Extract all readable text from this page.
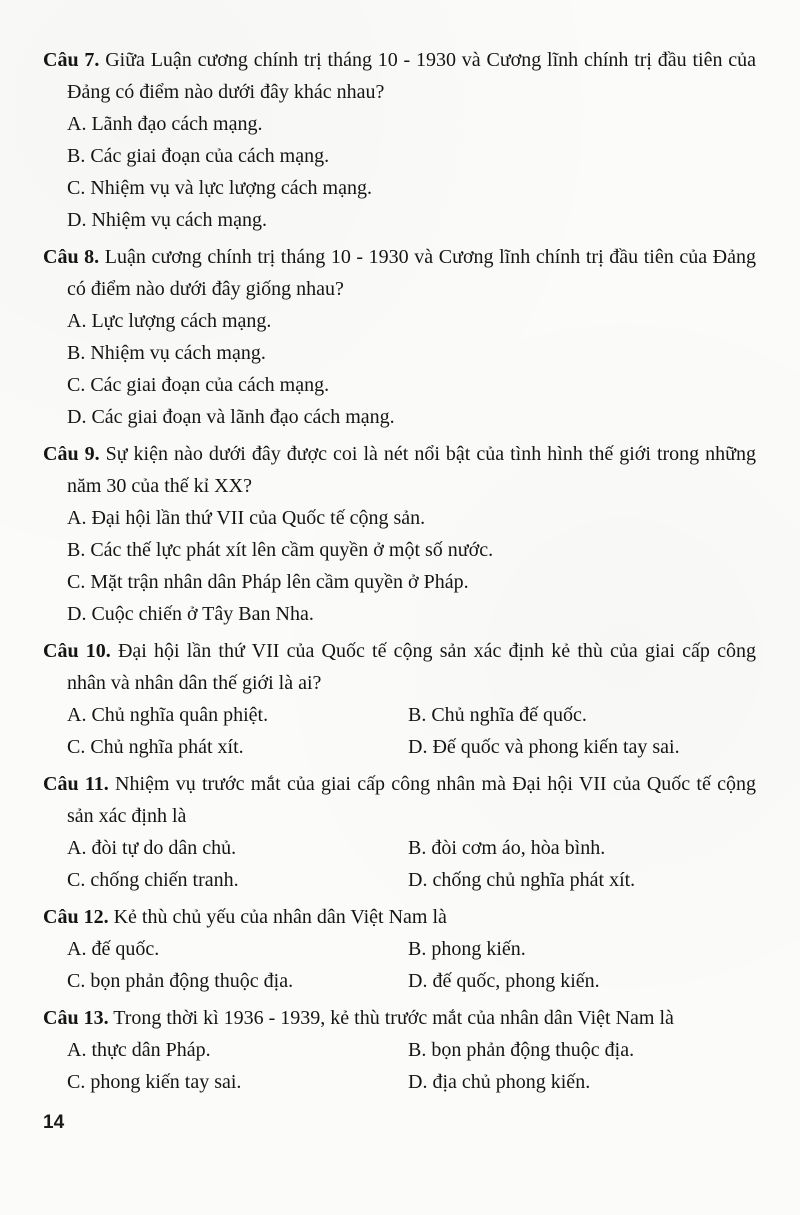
Câu 7. Giữa Luận cương chính trị tháng 10 - 1930 và Cương lĩnh chính trị đầu tiên của Đảng có điểm nào dưới đây khác nhau?

A. Lãnh đạo cách mạng.

B. Các giai đoạn của cách mạng.

C. Nhiệm vụ và lực lượng cách mạng.

D. Nhiệm vụ cách mạng.

Câu 8. Luận cương chính trị tháng 10 - 1930 và Cương lĩnh chính trị đầu tiên của Đảng có điểm nào dưới đây giống nhau?

A. Lực lượng cách mạng.

B. Nhiệm vụ cách mạng.

C. Các giai đoạn của cách mạng.

D. Các giai đoạn và lãnh đạo cách mạng.

Câu 9. Sự kiện nào dưới đây được coi là nét nổi bật của tình hình thế giới trong những năm 30 của thế kỉ XX?

A. Đại hội lần thứ VII của Quốc tế cộng sản.

B. Các thế lực phát xít lên cầm quyền ở một số nước.

C. Mặt trận nhân dân Pháp lên cầm quyền ở Pháp.

D. Cuộc chiến ở Tây Ban Nha.

Câu 10. Đại hội lần thứ VII của Quốc tế cộng sản xác định kẻ thù của giai cấp công nhân và nhân dân thế giới là ai?

A. Chủ nghĩa quân phiệt.	B. Chủ nghĩa đế quốc.

C. Chủ nghĩa phát xít.	D. Đế quốc và phong kiến tay sai.

Câu 11. Nhiệm vụ trước mắt của giai cấp công nhân mà Đại hội VII của Quốc tế cộng sản xác định là

A. đòi tự do dân chủ.	B. đòi cơm áo, hòa bình.

C. chống chiến tranh.	D. chống chủ nghĩa phát xít.

Câu 12. Kẻ thù chủ yếu của nhân dân Việt Nam là

A. đế quốc.	B. phong kiến.

C. bọn phản động thuộc địa.	D. đế quốc, phong kiến.

Câu 13. Trong thời kì 1936 - 1939, kẻ thù trước mắt của nhân dân Việt Nam là

A. thực dân Pháp.	B. bọn phản động thuộc địa.

C. phong kiến tay sai.	D. địa chủ phong kiến.

14
